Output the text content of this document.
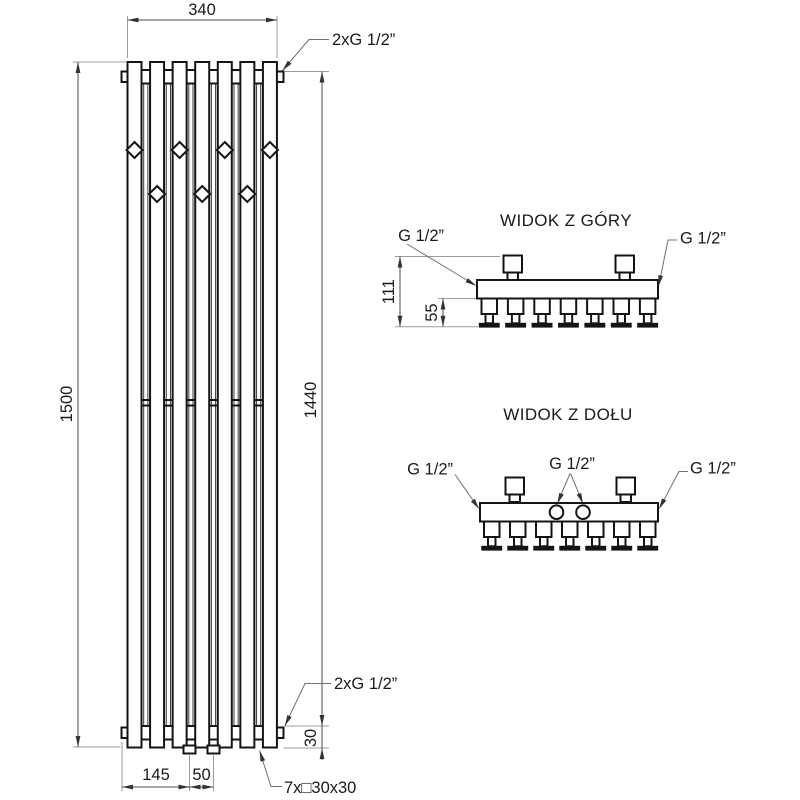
340
1500	1440
30
145 50
2xG 1/2”
2xG 1/2”
7x□30x30
WIDOK Z GÓRY
G 1/2”	G 1/2”
111
55
WIDOK Z DOŁU
G 1/2”	G 1/2”	G 1/2”
